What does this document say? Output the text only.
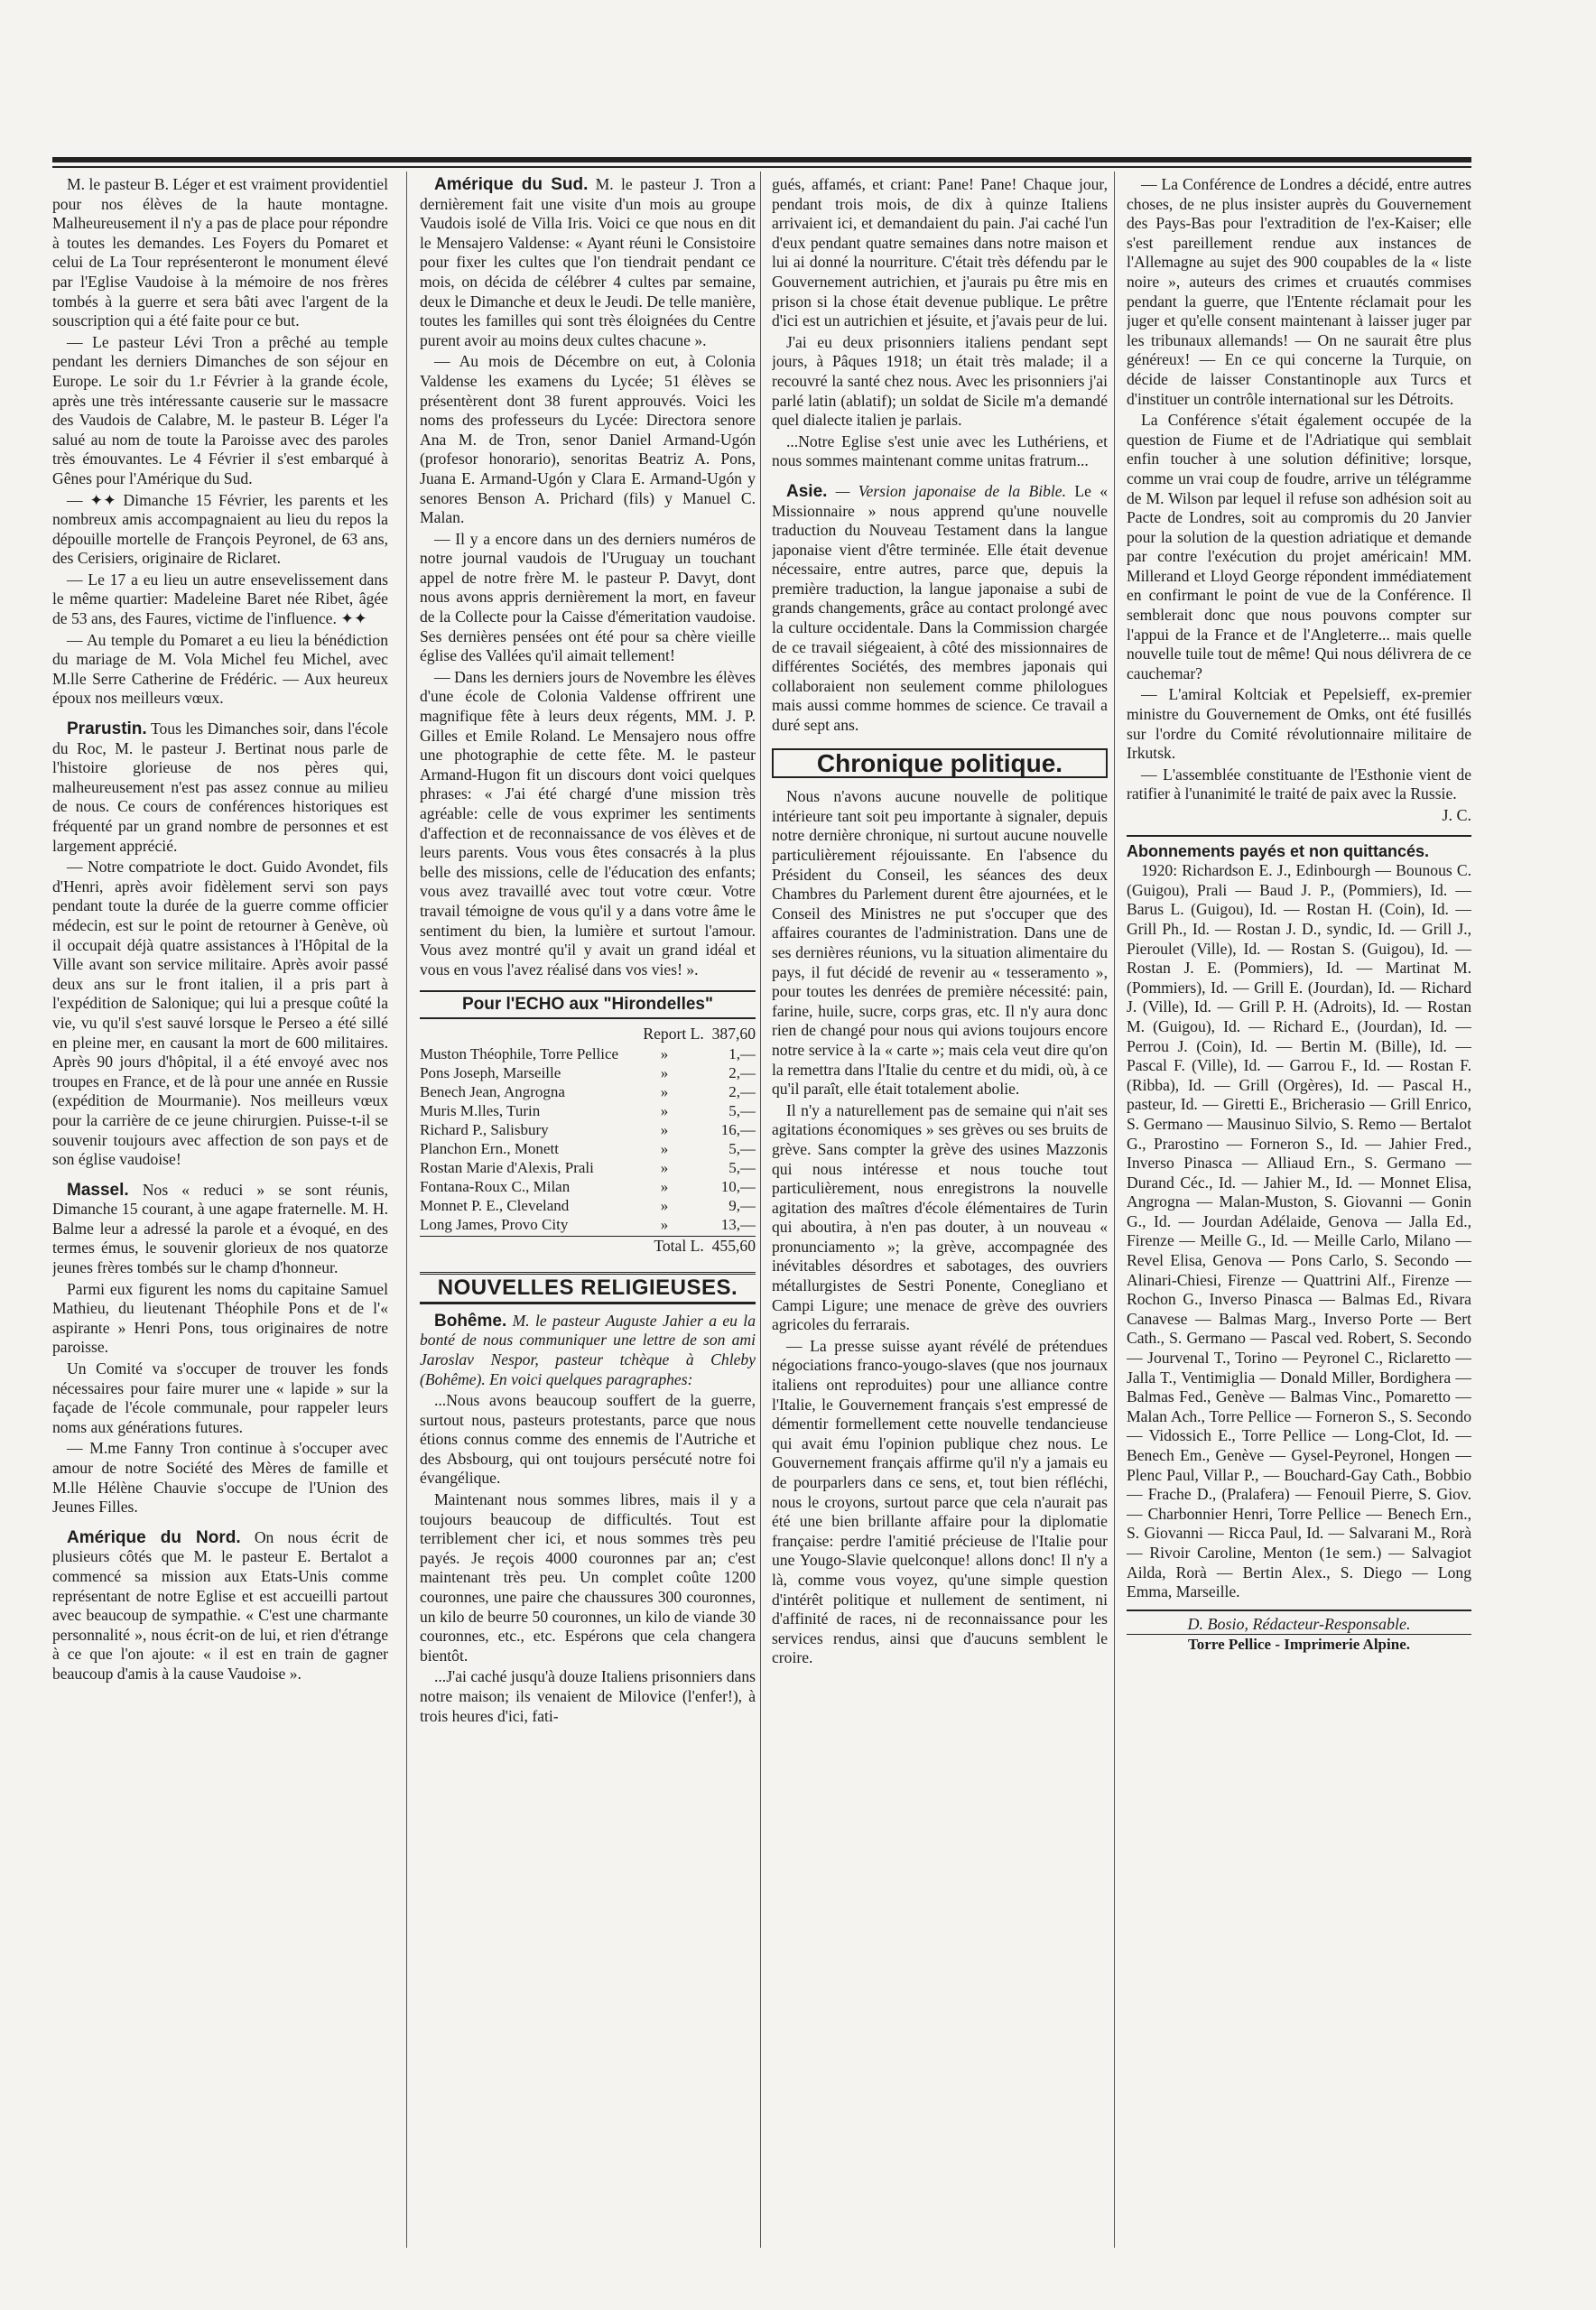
M. le pasteur B. Léger et est vraiment providentiel pour nos élèves de la haute montagne. Malheureusement il n'y a pas de place pour répondre à toutes les demandes. Les Foyers du Pomaret et celui de La Tour représenteront le monument élevé par l'Eglise Vaudoise à la mémoire de nos frères tombés à la guerre et sera bâti avec l'argent de la souscription qui a été faite pour ce but.

— Le pasteur Lévi Tron a prêché au temple pendant les derniers Dimanches de son séjour en Europe. Le soir du 1.r Février à la grande école, après une très intéressante causerie sur le massacre des Vaudois de Calabre, M. le pasteur B. Léger l'a salué au nom de toute la Paroisse avec des paroles très émouvantes. Le 4 Février il s'est embarqué à Gênes pour l'Amérique du Sud.

— ✦✦ Dimanche 15 Février, les parents et les nombreux amis accompagnaient au lieu du repos la dépouille mortelle de François Peyronel, de 63 ans, des Cerisiers, originaire de Riclaret.

— Le 17 a eu lieu un autre ensevelissement dans le même quartier: Madeleine Baret née Ribet, âgée de 53 ans, des Faures, victime de l'influence. ✦✦

— Au temple du Pomaret a eu lieu la bénédiction du mariage de M. Vola Michel feu Michel, avec M.lle Serre Catherine de Frédéric. — Aux heureux époux nos meilleurs vœux.

Prarustin. Tous les Dimanches soir, dans l'école du Roc, M. le pasteur J. Bertinat nous parle de l'histoire glorieuse de nos pères qui, malheureusement n'est pas assez connue au milieu de nous. Ce cours de conférences historiques est fréquenté par un grand nombre de personnes et est largement apprécié.

— Notre compatriote le doct. Guido Avondet, fils d'Henri, après avoir fidèlement servi son pays pendant toute la durée de la guerre comme officier médecin, est sur le point de retourner à Genève, où il occupait déjà quatre assistances à l'Hôpital de la Ville avant son service militaire. Après avoir passé deux ans sur le front italien, il a pris part à l'expédition de Salonique; qui lui a presque coûté la vie, vu qu'il s'est sauvé lorsque le Perseo a été sillé en pleine mer, en causant la mort de 600 militaires. Après 90 jours d'hôpital, il a été envoyé avec nos troupes en France, et de là pour une année en Russie (expédition de Mourmanie). Nos meilleurs vœux pour la carrière de ce jeune chirurgien. Puisse-t-il se souvenir toujours avec affection de son pays et de son église vaudoise!

Massel. Nos « reduci » se sont réunis, Dimanche 15 courant, à une agape fraternelle. M. H. Balme leur a adressé la parole et a évoqué, en des termes émus, le souvenir glorieux de nos quatorze jeunes frères tombés sur le champ d'honneur.

Parmi eux figurent les noms du capitaine Samuel Mathieu, du lieutenant Théophile Pons et de l'« aspirante » Henri Pons, tous originaires de notre paroisse.

Un Comité va s'occuper de trouver les fonds nécessaires pour faire murer une « lapide » sur la façade de l'école communale, pour rappeler leurs noms aux générations futures.

— M.me Fanny Tron continue à s'occuper avec amour de notre Société des Mères de famille et M.lle Hélène Chauvie s'occupe de l'Union des Jeunes Filles.

Amérique du Nord. On nous écrit de plusieurs côtés que M. le pasteur E. Bertalot a commencé sa mission aux Etats-Unis comme représentant de notre Eglise et est accueilli partout avec beaucoup de sympathie. « C'est une charmante personnalité », nous écrit-on de lui, et rien d'étrange à ce que l'on ajoute: « il est en train de gagner beaucoup d'amis à la cause Vaudoise ».

Amérique du Sud. M. le pasteur J. Tron a dernièrement fait une visite d'un mois au groupe Vaudois isolé de Villa Iris. Voici ce que nous en dit le Mensajero Valdense: « Ayant réuni le Consistoire pour fixer les cultes que l'on tiendrait pendant ce mois, on décida de célébrer 4 cultes par semaine, deux le Dimanche et deux le Jeudi. De telle manière, toutes les familles qui sont très éloignées du Centre purent avoir au moins deux cultes chacune ».

— Au mois de Décembre on eut, à Colonia Valdense les examens du Lycée; 51 élèves se présentèrent dont 38 furent approuvés. Voici les noms des professeurs du Lycée: Directora senore Ana M. de Tron, senor Daniel Armand-Ugón (profesor honorario), senoritas Beatriz A. Pons, Juana E. Armand-Ugón y Clara E. Armand-Ugón y senores Benson A. Prichard (fils) y Manuel C. Malan.

— Il y a encore dans un des derniers numéros de notre journal vaudois de l'Uruguay un touchant appel de notre frère M. le pasteur P. Davyt, dont nous avons appris dernièrement la mort, en faveur de la Collecte pour la Caisse d'émeritation vaudoise. Ses dernières pensées ont été pour sa chère vieille église des Vallées qu'il aimait tellement!

— Dans les derniers jours de Novembre les élèves d'une école de Colonia Valdense offrirent une magnifique fête à leurs deux régents, MM. J. P. Gilles et Emile Roland. Le Mensajero nous offre une photographie de cette fête. M. le pasteur Armand-Hugon fit un discours dont voici quelques phrases: « J'ai été chargé d'une mission très agréable: celle de vous exprimer les sentiments d'affection et de reconnaissance de vos élèves et de leurs parents. Vous vous êtes consacrés à la plus belle des missions, celle de l'éducation des enfants; vous avez travaillé avec tout votre cœur. Votre travail témoigne de vous qu'il y a dans votre âme le sentiment du bien, la lumière et surtout l'amour. Vous avez montré qu'il y avait un grand idéal et vous en vous l'avez réalisé dans vos vies! ».

Pour l'ECHO aux "Hirondelles"
Report L. 387,60
Muston Théophile, Torre Pellice	»	1,—
Pons Joseph, Marseille	»	2,—
Benech Jean, Angrogna	»	2,—
Muris M.lles, Turin	»	5,—
Richard P., Salisbury	»	16,—
Planchon Ern., Monett	»	5,—
Rostan Marie d'Alexis, Prali	»	5,—
Fontana-Roux C., Milan	»	10,—
Monnet P. E., Cleveland	»	9,—
Long James, Provo City	»	13,—
Total L. 455,60
NOUVELLES RELIGIEUSES.

Bohême. M. le pasteur Auguste Jahier a eu la bonté de nous communiquer une lettre de son ami Jaroslav Nespor, pasteur tchèque à Chleby (Bohême). En voici quelques paragraphes:

...Nous avons beaucoup souffert de la guerre, surtout nous, pasteurs protestants, parce que nous étions connus comme des ennemis de l'Autriche et des Absbourg, qui ont toujours persécuté notre foi évangélique.

Maintenant nous sommes libres, mais il y a toujours beaucoup de difficultés. Tout est terriblement cher ici, et nous sommes très peu payés. Je reçois 4000 couronnes par an; c'est maintenant très peu. Un complet coûte 1200 couronnes, une paire che chaussures 300 couronnes, un kilo de beurre 50 couronnes, un kilo de viande 30 couronnes, etc., etc. Espérons que cela changera bientôt.

...J'ai caché jusqu'à douze Italiens prisonniers dans notre maison; ils venaient de Milovice (l'enfer!), à trois heures d'ici, fati-

gués, affamés, et criant: Pane! Pane! Chaque jour, pendant trois mois, de dix à quinze Italiens arrivaient ici, et demandaient du pain. J'ai caché l'un d'eux pendant quatre semaines dans notre maison et lui ai donné la nourriture. C'était très défendu par le Gouvernement autrichien, et j'aurais pu être mis en prison si la chose était devenue publique. Le prêtre d'ici est un autrichien et jésuite, et j'avais peur de lui.

J'ai eu deux prisonniers italiens pendant sept jours, à Pâques 1918; un était très malade; il a recouvré la santé chez nous. Avec les prisonniers j'ai parlé latin (ablatif); un soldat de Sicile m'a demandé quel dialecte italien je parlais.

...Notre Eglise s'est unie avec les Luthériens, et nous sommes maintenant comme unitas fratrum...

Asie. — Version japonaise de la Bible. Le « Missionnaire » nous apprend qu'une nouvelle traduction du Nouveau Testament dans la langue japonaise vient d'être terminée. Elle était devenue nécessaire, entre autres, parce que, depuis la première traduction, la langue japonaise a subi de grands changements, grâce au contact prolongé avec la culture occidentale. Dans la Commission chargée de ce travail siégeaient, à côté des missionnaires de différentes Sociétés, des membres japonais qui collaboraient non seulement comme philologues mais aussi comme hommes de science. Ce travail a duré sept ans.

Chronique politique.

Nous n'avons aucune nouvelle de politique intérieure tant soit peu importante à signaler, depuis notre dernière chronique, ni surtout aucune nouvelle particulièrement réjouissante. En l'absence du Président du Conseil, les séances des deux Chambres du Parlement durent être ajournées, et le Conseil des Ministres ne put s'occuper que des affaires courantes de l'administration. Dans une de ses dernières réunions, vu la situation alimentaire du pays, il fut décidé de revenir au « tesseramento », pour toutes les denrées de première nécessité: pain, farine, huile, sucre, corps gras, etc. Il n'y aura donc rien de changé pour nous qui avions toujours encore notre service à la « carte »; mais cela veut dire qu'on la remettra dans l'Italie du centre et du midi, où, à ce qu'il paraît, elle était totalement abolie.

Il n'y a naturellement pas de semaine qui n'ait ses agitations économiques » ses grèves ou ses bruits de grève. Sans compter la grève des usines Mazzonis qui nous intéresse et nous touche tout particulièrement, nous enregistrons la nouvelle agitation des maîtres d'école élémentaires de Turin qui aboutira, à n'en pas douter, à un nouveau « pronunciamento »; la grève, accompagnée des inévitables désordres et sabotages, des ouvriers métallurgistes de Sestri Ponente, Conegliano et Campi Ligure; une menace de grève des ouvriers agricoles du ferrarais.

— La presse suisse ayant révélé de prétendues négociations franco-yougo-slaves (que nos journaux italiens ont reproduites) pour une alliance contre l'Italie, le Gouvernement français s'est empressé de démentir formellement cette nouvelle tendancieuse qui avait ému l'opinion publique chez nous. Le Gouvernement français affirme qu'il n'y a jamais eu de pourparlers dans ce sens, et, tout bien réfléchi, nous le croyons, surtout parce que cela n'aurait pas été une bien brillante affaire pour la diplomatie française: perdre l'amitié précieuse de l'Italie pour une Yougo-Slavie quelconque! allons donc! Il n'y a là, comme vous voyez, qu'une simple question d'intérêt politique et nullement de sentiment, ni d'affinité de races, ni de reconnaissance pour les services rendus, ainsi que d'aucuns semblent le croire.

— La Conférence de Londres a décidé, entre autres choses, de ne plus insister auprès du Gouvernement des Pays-Bas pour l'extradition de l'ex-Kaiser; elle s'est pareillement rendue aux instances de l'Allemagne au sujet des 900 coupables de la « liste noire », auteurs des crimes et cruautés commises pendant la guerre, que l'Entente réclamait pour les juger et qu'elle consent maintenant à laisser juger par les tribunaux allemands! — On ne saurait être plus généreux! — En ce qui concerne la Turquie, on décide de laisser Constantinople aux Turcs et d'instituer un contrôle international sur les Détroits.

La Conférence s'était également occupée de la question de Fiume et de l'Adriatique qui semblait enfin toucher à une solution définitive; lorsque, comme un vrai coup de foudre, arrive un télégramme de M. Wilson par lequel il refuse son adhésion soit au Pacte de Londres, soit au compromis du 20 Janvier pour la solution de la question adriatique et demande par contre l'exécution du projet américain! MM. Millerand et Lloyd George répondent immédiatement en confirmant le point de vue de la Conférence. Il semblerait donc que nous pouvons compter sur l'appui de la France et de l'Angleterre... mais quelle nouvelle tuile tout de même! Qui nous délivrera de ce cauchemar?

— L'amiral Koltciak et Pepelsieff, ex-premier ministre du Gouvernement de Omks, ont été fusillés sur l'ordre du Comité révolutionnaire militaire de Irkutsk.

— L'assemblée constituante de l'Esthonie vient de ratifier à l'unanimité le traité de paix avec la Russie.

J. C.
Abonnements payés et non quittancés.

1920: Richardson E. J., Edinbourgh — Bounous C. (Guigou), Prali — Baud J. P., (Pommiers), Id. — Barus L. (Guigou), Id. — Rostan H. (Coin), Id. — Grill Ph., Id. — Rostan J. D., syndic, Id. — Grill J., Pieroulet (Ville), Id. — Rostan S. (Guigou), Id. — Rostan J. E. (Pommiers), Id. — Martinat M. (Pommiers), Id. — Grill E. (Jourdan), Id. — Richard J. (Ville), Id. — Grill P. H. (Adroits), Id. — Rostan M. (Guigou), Id. — Richard E., (Jourdan), Id. — Perrou J. (Coin), Id. — Bertin M. (Bille), Id. — Pascal F. (Ville), Id. — Garrou F., Id. — Rostan F. (Ribba), Id. — Grill (Orgères), Id. — Pascal H., pasteur, Id. — Giretti E., Bricherasio — Grill Enrico, S. Germano — Mausinuo Silvio, S. Remo — Bertalot G., Prarostino — Forneron S., Id. — Jahier Fred., Inverso Pinasca — Alliaud Ern., S. Germano — Durand Céc., Id. — Jahier M., Id. — Monnet Elisa, Angrogna — Malan-Muston, S. Giovanni — Gonin G., Id. — Jourdan Adélaide, Genova — Jalla Ed., Firenze — Meille G., Id. — Meille Carlo, Milano — Revel Elisa, Genova — Pons Carlo, S. Secondo — Alinari-Chiesi, Firenze — Quattrini Alf., Firenze — Rochon G., Inverso Pinasca — Balmas Ed., Rivara Canavese — Balmas Marg., Inverso Porte — Bert Cath., S. Germano — Pascal ved. Robert, S. Secondo — Jourvenal T., Torino — Peyronel C., Riclaretto — Jalla T., Ventimiglia — Donald Miller, Bordighera — Balmas Fed., Genève — Balmas Vinc., Pomaretto — Malan Ach., Torre Pellice — Forneron S., S. Secondo — Vidossich E., Torre Pellice — Long-Clot, Id. — Benech Em., Genève — Gysel-Peyronel, Hongen — Plenc Paul, Villar P., — Bouchard-Gay Cath., Bobbio — Frache D., (Pralafera) — Fenouil Pierre, S. Giov. — Charbonnier Henri, Torre Pellice — Benech Ern., S. Giovanni — Ricca Paul, Id. — Salvarani M., Rorà — Rivoir Caroline, Menton (1e sem.) — Salvagiot Ailda, Rorà — Bertin Alex., S. Diego — Long Emma, Marseille.

D. Bosio, Rédacteur-Responsable.
Torre Pellice - Imprimerie Alpine.
